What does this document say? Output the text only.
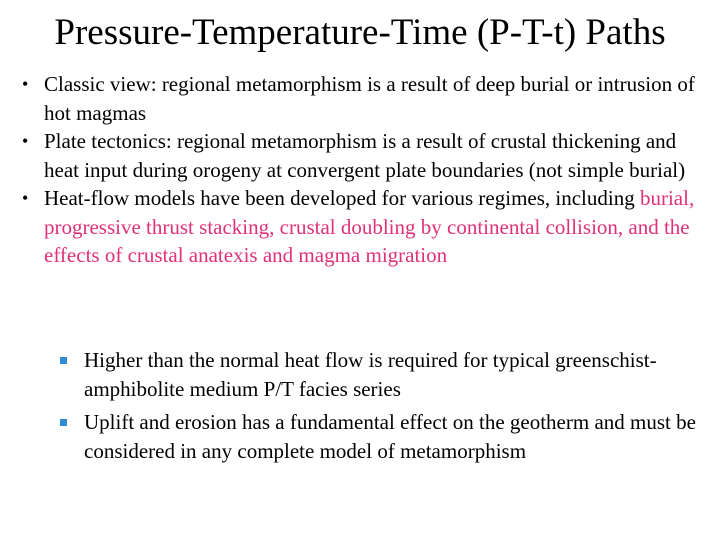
Pressure-Temperature-Time (P-T-t) Paths
• Classic view: regional metamorphism is a result of deep burial or intrusion of hot magmas
• Plate tectonics: regional metamorphism is a result of crustal thickening and heat input during orogeny at convergent plate boundaries (not simple burial)
• Heat-flow models have been developed for various regimes, including burial, progressive thrust stacking, crustal doubling by continental collision, and the effects of crustal anatexis and magma migration
Higher than the normal heat flow is required for typical greenschist-amphibolite medium P/T facies series
Uplift and erosion has a fundamental effect on the geotherm and must be considered in any complete model of metamorphism
